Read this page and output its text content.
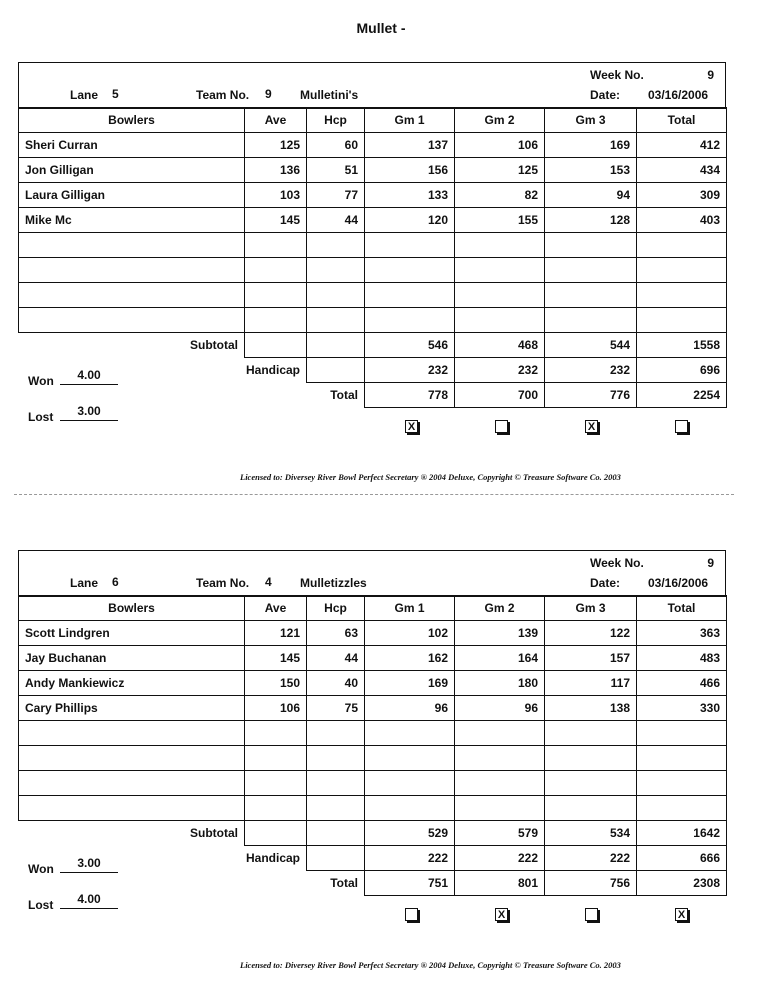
Mullet -
Week No.	9
Lane 5	Team No. 9 Mulletini's	Date: 03/16/2006
Bowlers	Ave	Hcp	Gm 1	Gm 2	Gm 3	Total
Sheri Curran	125	60	137	106	169	412
Jon Gilligan	136	51	156	125	153	434
Laura Gilligan	103	77	133	82	94	309
Mike Mc	145	44	120	155	128	403

Subtotal			546	468	544	1558
Handicap			232	232	232	696
Total			778	700	776	2254
Won	4.00
Lost	3.00
X	X
Licensed to: Diversey River Bowl Perfect Secretary ® 2004 Deluxe, Copyright © Treasure Software Co. 2003
Week No.	9
Lane 6	Team No. 4 Mulletizzles	Date: 03/16/2006
Bowlers	Ave	Hcp	Gm 1	Gm 2	Gm 3	Total
Scott Lindgren	121	63	102	139	122	363
Jay Buchanan	145	44	162	164	157	483
Andy Mankiewicz	150	40	169	180	117	466
Cary Phillips	106	75	96	96	138	330

Subtotal			529	579	534	1642
Handicap			222	222	222	666
Total			751	801	756	2308
Won	3.00
Lost	4.00
X	X
Licensed to: Diversey River Bowl Perfect Secretary ® 2004 Deluxe, Copyright © Treasure Software Co. 2003
